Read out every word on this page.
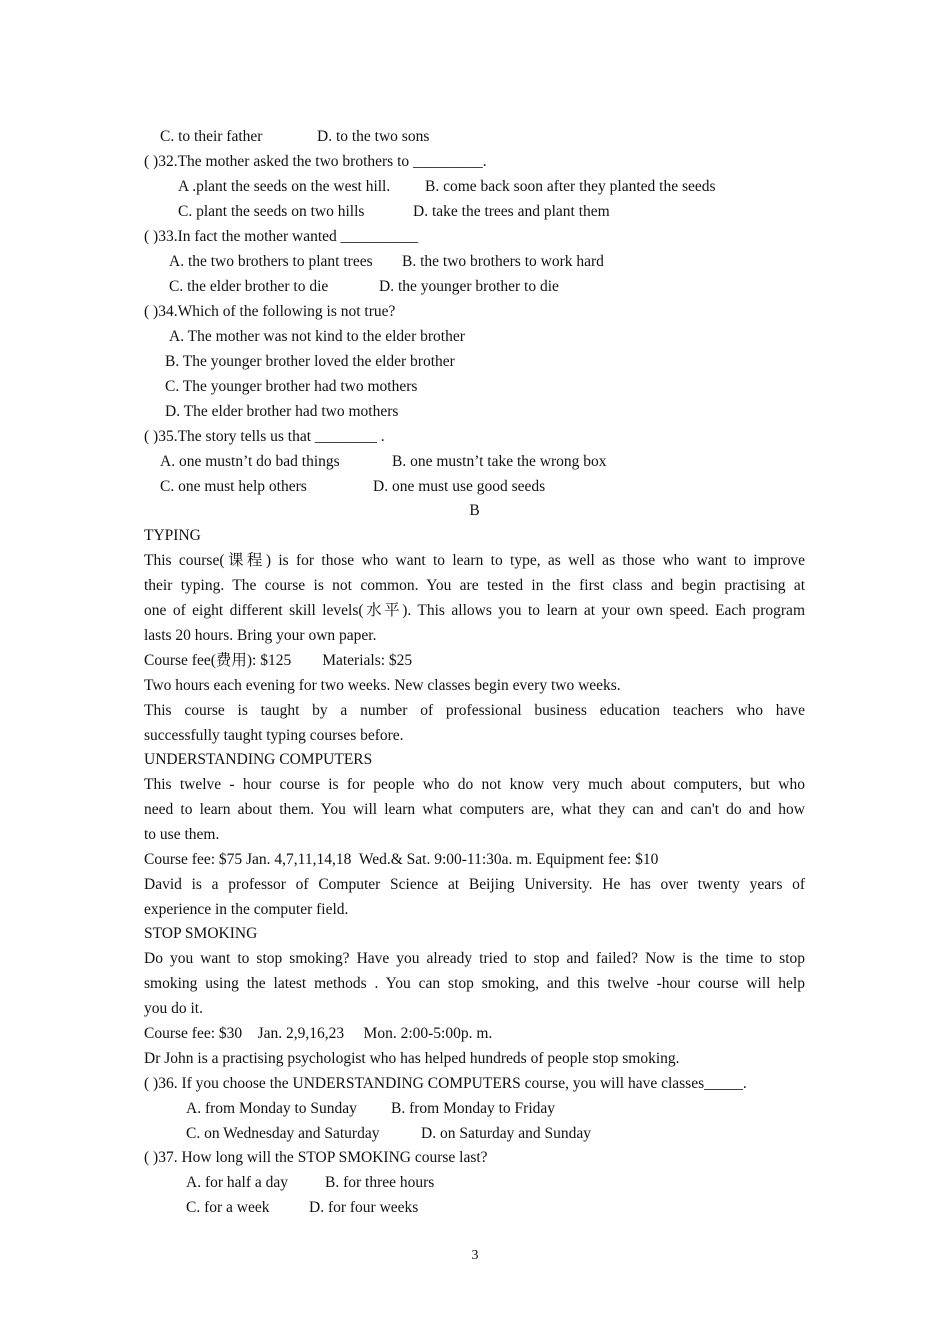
C. to their father	D. to the two sons
( )32.The mother asked the two brothers to _________.
A .plant the seeds on the west hill. B. come back soon after they planted the seeds
C. plant the seeds on two hills	D. take the trees and plant them
( )33.In fact the mother wanted __________
A. the two brothers to plant trees B. the two brothers to work hard
C. the elder brother to die	D. the younger brother to die
( )34.Which of the following is not true?
A. The mother was not kind to the elder brother
B. The younger brother loved the elder brother
C. The younger brother had two mothers
D. The elder brother had two mothers
( )35.The story tells us that ________ .
A. one mustn’t do bad things	B. one mustn’t take the wrong box
C. one must help others	D. one must use good seeds
B
TYPING
This course(课程) is for those who want to learn to type, as well as those who want to improve
their typing. The course is not common. You are tested in the first class and begin practising at
one of eight different skill levels(水平). This allows you to learn at your own speed. Each program
lasts 20 hours. Bring your own paper.
Course fee(费用): $125        Materials: $25
Two hours each evening for two weeks. New classes begin every two weeks.
This course is taught by a number of professional business education teachers who have
successfully taught typing courses before.
UNDERSTANDING COMPUTERS
This twelve - hour course is for people who do not know very much about computers, but who
need to learn about them. You will learn what computers are, what they can and can't do and how
to use them.
Course fee: $75 Jan. 4,7,11,14,18  Wed.& Sat. 9:00-11:30a. m. Equipment fee: $10
David is a professor of Computer Science at Beijing University. He has over twenty years of
experience in the computer field.
STOP SMOKING
Do you want to stop smoking? Have you already tried to stop and failed? Now is the time to stop
smoking using the latest methods . You can stop smoking, and this twelve -hour course will help
you do it.
Course fee: $30    Jan. 2,9,16,23     Mon. 2:00-5:00p. m.
Dr John is a practising psychologist who has helped hundreds of people stop smoking.
( )36. If you choose the UNDERSTANDING COMPUTERS course, you will have classes_____.
A. from Monday to Sunday B. from Monday to Friday
C. on Wednesday and Saturday	D. on Saturday and Sunday
( )37. How long will the STOP SMOKING course last?
A. for half a day B. for three hours
C. for a week	D. for four weeks
3
